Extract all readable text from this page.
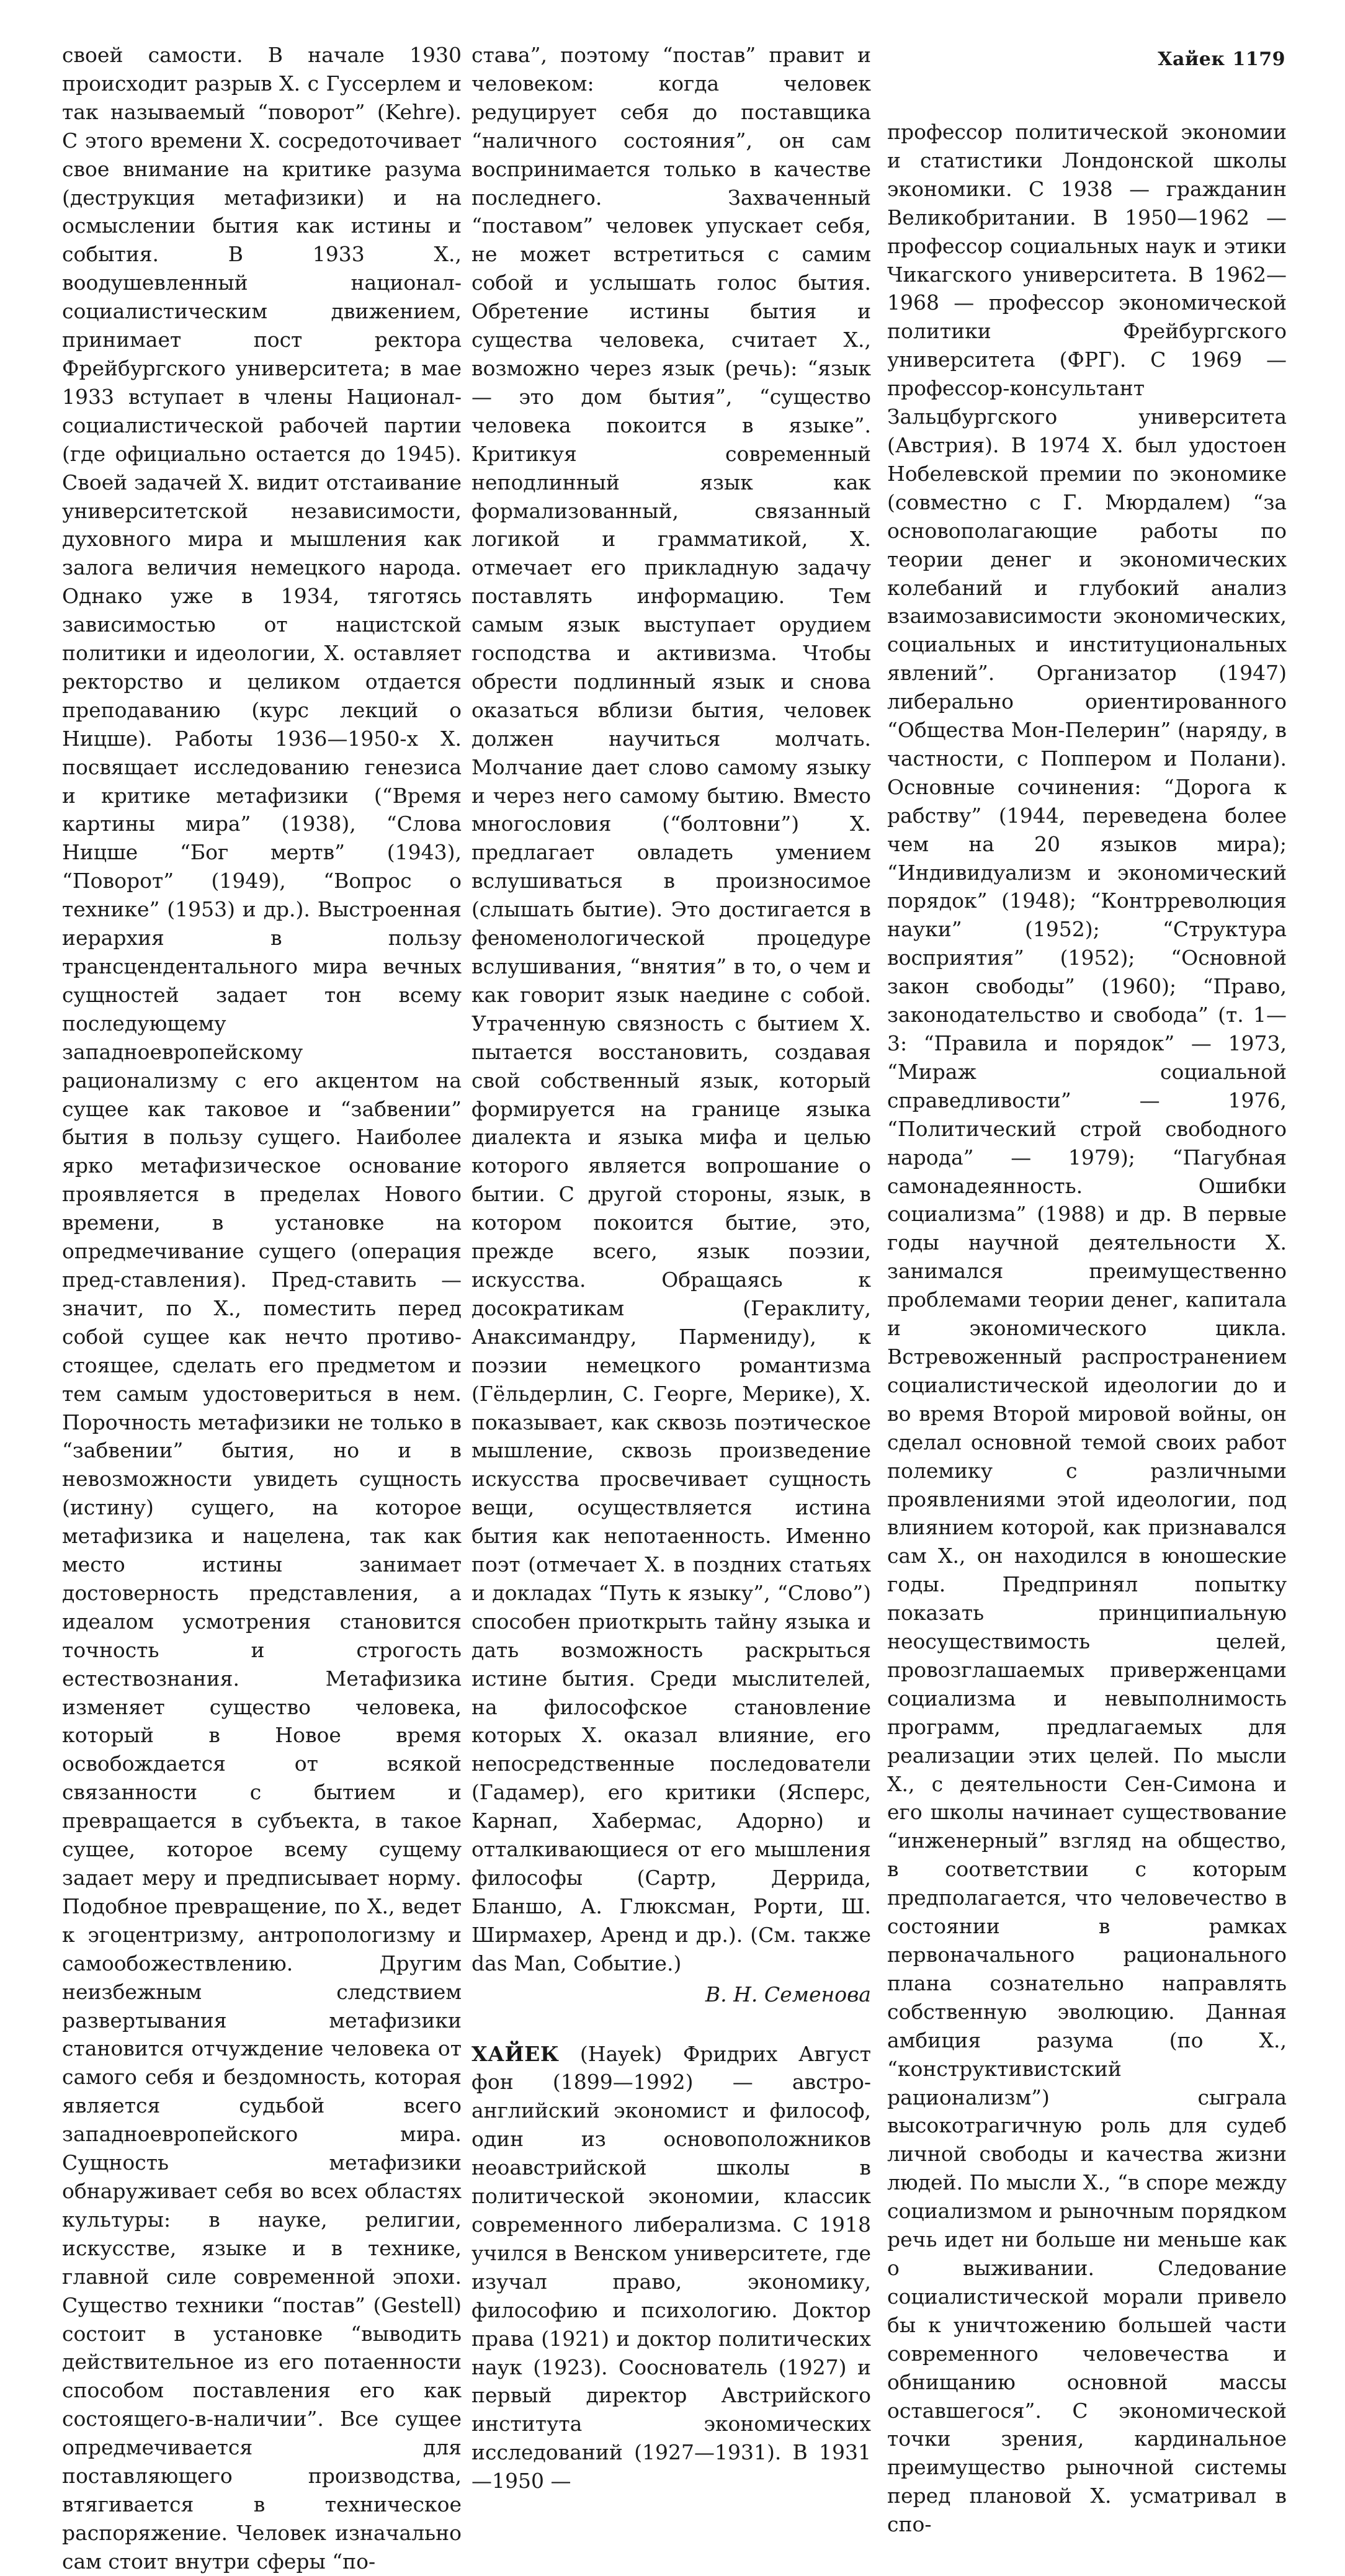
Хайек 1179

своей самости. В начале 1930 происходит разрыв Х. с Гуссерлем и так называемый “поворот” (Kehre). С этого времени Х. сосредоточивает свое внимание на критике разума (деструкция метафизики) и на осмыслении бытия как истины и события. В 1933 Х., воодушевленный национал-социалистическим движением, принимает пост ректора Фрейбургского университета; в мае 1933 вступает в члены Национал-социалистической рабочей партии (где официально остается до 1945). Своей задачей Х. видит отстаивание университетской независимости, духовного мира и мышления как залога величия немецкого народа. Однако уже в 1934, тяготясь зависимостью от нацистской политики и идеологии, Х. оставляет ректорство и целиком отдается преподаванию (курс лекций о Ницше). Работы 1936—1950-х Х. посвящает исследованию генезиса и критике метафизики (“Время картины мира” (1938), “Слова Ницше “Бог мертв” (1943), “Поворот” (1949), “Вопрос о технике” (1953) и др.). Выстроенная иерархия в пользу трансцендентального мира вечных сущностей задает тон всему последующему западноевропейскому рационализму с его акцентом на сущее как таковое и “забвении” бытия в пользу сущего. Наиболее ярко метафизическое основание проявляется в пределах Нового времени, в установке на опредмечивание сущего (операция пред-ставления). Пред-ставить — значит, по Х., поместить перед собой сущее как нечто противо-стоящее, сделать его предметом и тем самым удостовериться в нем. Порочность метафизики не только в “забвении” бытия, но и в невозможности увидеть сущность (истину) сущего, на которое метафизика и нацелена, так как место истины занимает достоверность представления, а идеалом усмотрения становится точность и строгость естествознания. Метафизика изменяет существо человека, который в Новое время освобождается от всякой связанности с бытием и превращается в субъекта, в такое сущее, которое всему сущему задает меру и предписывает норму. Подобное превращение, по Х., ведет к эгоцентризму, антропологизму и самообожествлению. Другим неизбежным следствием развертывания метафизики становится отчуждение человека от самого себя и бездомность, которая является судьбой всего западноевропейского мира. Сущность метафизики обнаруживает себя во всех областях культуры: в науке, религии, искусстве, языке и в технике, главной силе современной эпохи. Существо техники “постав” (Gestell) состоит в установке “выводить действительное из его потаенности способом поставления его как состоящего-в-наличии”. Все сущее опредмечивается для поставляющего производства, втягивается в техническое распоряжение. Человек изначально сам стоит внутри сферы “по-

става”, поэтому “постав” правит и человеком: когда человек редуцирует себя до поставщика “наличного состояния”, он сам воспринимается только в качестве последнего. Захваченный “поставом” человек упускает себя, не может встретиться с самим собой и услышать голос бытия. Обретение истины бытия и существа человека, считает Х., возможно через язык (речь): “язык — это дом бытия”, “существо человека покоится в языке”. Критикуя современный неподлинный язык как формализованный, связанный логикой и грамматикой, Х. отмечает его прикладную задачу поставлять информацию. Тем самым язык выступает орудием господства и активизма. Чтобы обрести подлинный язык и снова оказаться вблизи бытия, человек должен научиться молчать. Молчание дает слово самому языку и через него самому бытию. Вместо многословия (“болтовни”) Х. предлагает овладеть умением вслушиваться в произносимое (слышать бытие). Это достигается в феноменологической процедуре вслушивания, “внятия” в то, о чем и как говорит язык наедине с собой. Утраченную связность с бытием Х. пытается восстановить, создавая свой собственный язык, который формируется на границе языка диалекта и языка мифа и целью которого является вопрошание о бытии. С другой стороны, язык, в котором покоится бытие, это, прежде всего, язык поэзии, искусства. Обращаясь к досократикам (Гераклиту, Анаксимандру, Пармениду), к поэзии немецкого романтизма (Гёльдерлин, С. Георге, Мерике), Х. показывает, как сквозь поэтическое мышление, сквозь произведение искусства просвечивает сущность вещи, осуществляется истина бытия как непотаенность. Именно поэт (отмечает Х. в поздних статьях и докладах “Путь к языку”, “Слово”) способен приоткрыть тайну языка и дать возможность раскрыться истине бытия. Среди мыслителей, на философское становление которых Х. оказал влияние, его непосредственные последователи (Гадамер), его критики (Ясперс, Карнап, Хабермас, Адорно) и отталкивающиеся от его мышления философы (Сартр, Деррида, Бланшо, А. Глюксман, Рорти, Ш. Ширмахер, Аренд и др.). (См. также das Man, Событие.)

В. Н. Семенова

ХАЙЕК (Hayek) Фридрих Август фон (1899—1992) — австро-английский экономист и философ, один из основоположников неоавстрийской школы в политической экономии, классик современного либерализма. С 1918 учился в Венском университете, где изучал право, экономику, философию и психологию. Доктор права (1921) и доктор политических наук (1923). Сооснователь (1927) и первый директор Австрийского института экономических исследований (1927—1931). В 1931—1950 —

профессор политической экономии и статистики Лондонской школы экономики. С 1938 — гражданин Великобритании. В 1950—1962 — профессор социальных наук и этики Чикагского университета. В 1962—1968 — профессор экономической политики Фрейбургского университета (ФРГ). С 1969 — профессор-консультант Зальцбургского университета (Австрия). В 1974 Х. был удостоен Нобелевской премии по экономике (совместно с Г. Мюрдалем) “за основополагающие работы по теории денег и экономических колебаний и глубокий анализ взаимозависимости экономических, социальных и институциональных явлений”. Организатор (1947) либерально ориентированного “Общества Мон-Пелерин” (наряду, в частности, с Поппером и Полани). Основные сочинения: “Дорога к рабству” (1944, переведена более чем на 20 языков мира); “Индивидуализм и экономический порядок” (1948); “Контрреволюция науки” (1952); “Структура восприятия” (1952); “Основной закон свободы” (1960); “Право, законодательство и свобода” (т. 1—3: “Правила и порядок” — 1973, “Мираж социальной справедливости” — 1976, “Политический строй свободного народа” — 1979); “Пагубная самонадеянность. Ошибки социализма” (1988) и др. В первые годы научной деятельности Х. занимался преимущественно проблемами теории денег, капитала и экономического цикла. Встревоженный распространением социалистической идеологии до и во время Второй мировой войны, он сделал основной темой своих работ полемику с различными проявлениями этой идеологии, под влиянием которой, как признавался сам Х., он находился в юношеские годы. Предпринял попытку показать принципиальную неосуществимость целей, провозглашаемых приверженцами социализма и невыполнимость программ, предлагаемых для реализации этих целей. По мысли Х., с деятельности Сен-Симона и его школы начинает существование “инженерный” взгляд на общество, в соответствии с которым предполагается, что человечество в состоянии в рамках первоначального рационального плана сознательно направлять собственную эволюцию. Данная амбиция разума (по Х., “конструктивистский рационализм”) сыграла высокотрагичную роль для судеб личной свободы и качества жизни людей. По мысли Х., “в споре между социализмом и рыночным порядком речь идет ни больше ни меньше как о выживании. Следование социалистической морали привело бы к уничтожению большей части современного человечества и обнищанию основной массы оставшегося”. С экономической точки зрения, кардинальное преимущество рыночной системы перед плановой Х. усматривал в спо-
